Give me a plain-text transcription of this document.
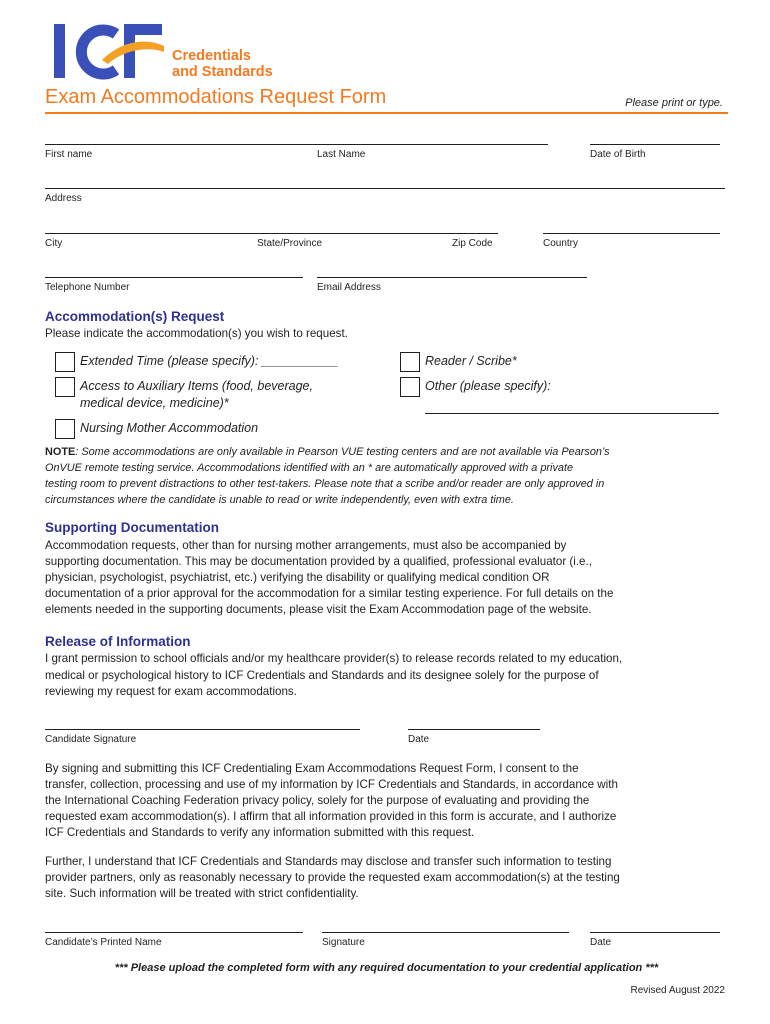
Credentials
and Standards
Exam Accommodations Request Form	Please print or type.
First name	Last Name	Date of Birth
Address
City	State/Province	Zip Code	Country
Telephone Number	Email Address
Accommodation(s) Request
Please indicate the accommodation(s) you wish to request.
Extended Time (please specify): ___________
Access to Auxiliary Items (food, beverage,
medical device, medicine)*
Nursing Mother Accommodation
Reader / Scribe*
Other (please specify):
NOTE: Some accommodations are only available in Pearson VUE testing centers and are not available via Pearson’s
OnVUE remote testing service. Accommodations identified with an * are automatically approved with a private
testing room to prevent distractions to other test-takers. Please note that a scribe and/or reader are only approved in
circumstances where the candidate is unable to read or write independently, even with extra time.
Supporting Documentation
Accommodation requests, other than for nursing mother arrangements, must also be accompanied by
supporting documentation. This may be documentation provided by a qualified, professional evaluator (i.e.,
physician, psychologist, psychiatrist, etc.) verifying the disability or qualifying medical condition OR
documentation of a prior approval for the accommodation for a similar testing experience. For full details on the
elements needed in the supporting documents, please visit the Exam Accommodation page of the website.
Release of Information
I grant permission to school officials and/or my healthcare provider(s) to release records related to my education,
medical or psychological history to ICF Credentials and Standards and its designee solely for the purpose of
reviewing my request for exam accommodations.
Candidate Signature	Date
By signing and submitting this ICF Credentialing Exam Accommodations Request Form, I consent to the
transfer, collection, processing and use of my information by ICF Credentials and Standards, in accordance with
the International Coaching Federation privacy policy, solely for the purpose of evaluating and providing the
requested exam accommodation(s). I affirm that all information provided in this form is accurate, and I authorize
ICF Credentials and Standards to verify any information submitted with this request.
Further, I understand that ICF Credentials and Standards may disclose and transfer such information to testing
provider partners, only as reasonably necessary to provide the requested exam accommodation(s) at the testing
site. Such information will be treated with strict confidentiality.
Candidate’s Printed Name	Signature	Date
*** Please upload the completed form with any required documentation to your credential application ***
Revised August 2022
